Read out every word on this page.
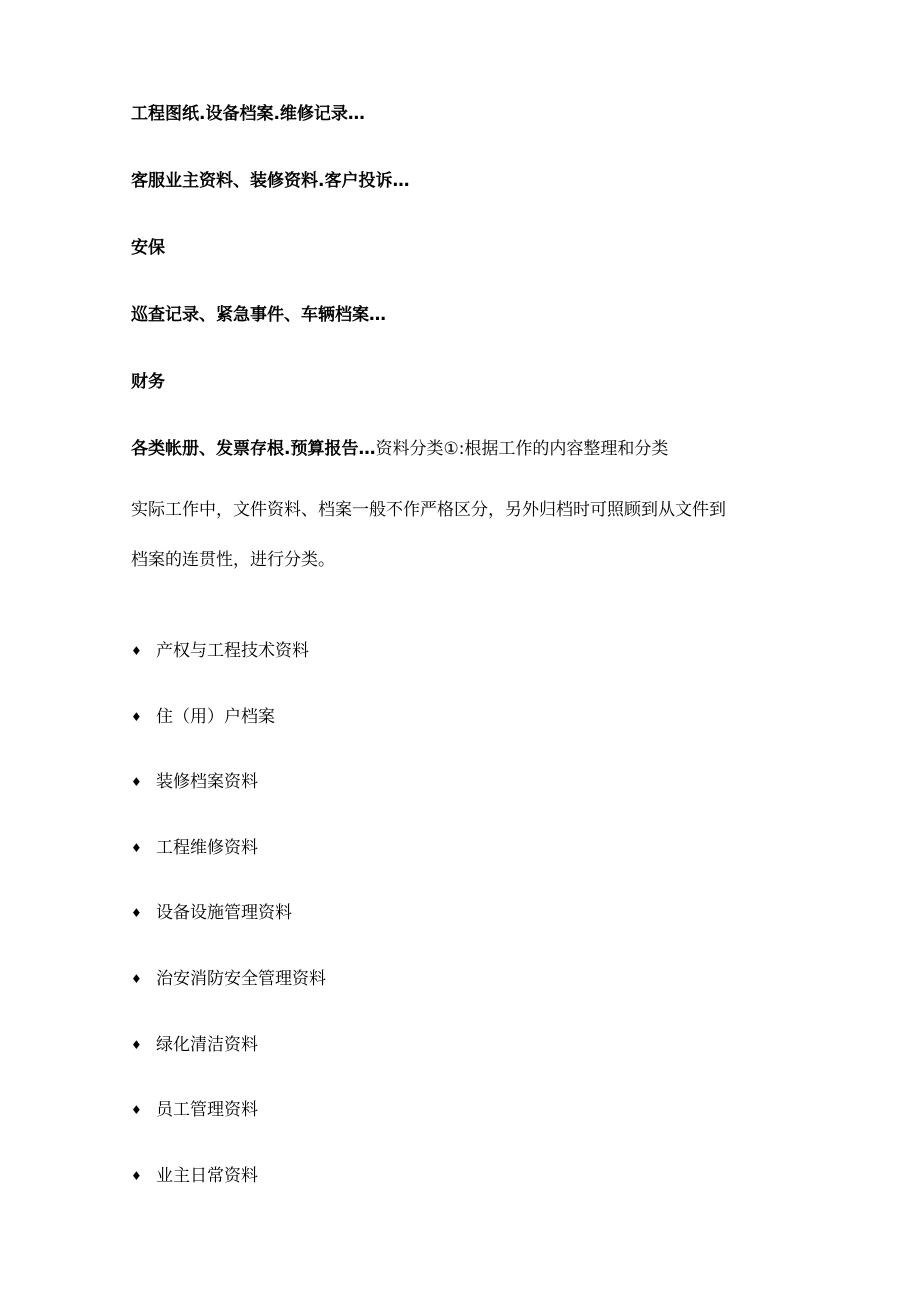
工程图纸.设备档案.维修记录…
客服业主资料、装修资料.客户投诉…
安保
巡查记录、紧急事件、车辆档案…
财务
各类帐册、发票存根.预算报告…资料分类①:根据工作的内容整理和分类
实际工作中，文件资料、档案一般不作严格区分，另外归档时可照顾到从文件到
档案的连贯性，进行分类。
♦ 产权与工程技术资料
♦ 住（用）户档案
♦ 装修档案资料
♦ 工程维修资料
♦ 设备设施管理资料
♦ 治安消防安全管理资料
♦ 绿化清洁资料
♦ 员工管理资料
♦ 业主日常资料
